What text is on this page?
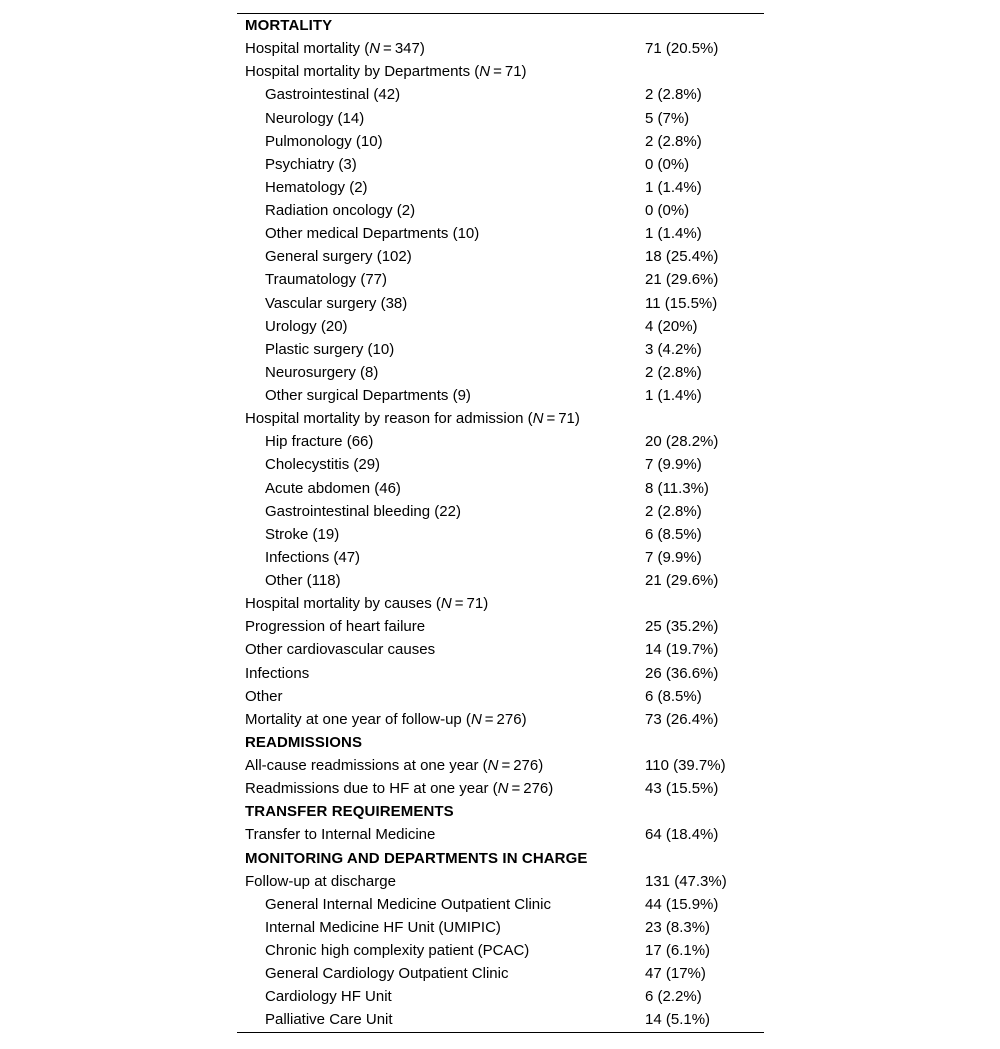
MORTALITY
Hospital mortality (N = 347)	71 (20.5%)
Hospital mortality by Departments (N = 71)
Gastrointestinal (42)	2 (2.8%)
Neurology (14)	5 (7%)
Pulmonology (10)	2 (2.8%)
Psychiatry (3)	0 (0%)
Hematology (2)	1 (1.4%)
Radiation oncology (2)	0 (0%)
Other medical Departments (10)	1 (1.4%)
General surgery (102)	18 (25.4%)
Traumatology (77)	21 (29.6%)
Vascular surgery (38)	11 (15.5%)
Urology (20)	4 (20%)
Plastic surgery (10)	3 (4.2%)
Neurosurgery (8)	2 (2.8%)
Other surgical Departments (9)	1 (1.4%)
Hospital mortality by reason for admission (N = 71)
Hip fracture (66)	20 (28.2%)
Cholecystitis (29)	7 (9.9%)
Acute abdomen (46)	8 (11.3%)
Gastrointestinal bleeding (22)	2 (2.8%)
Stroke (19)	6 (8.5%)
Infections (47)	7 (9.9%)
Other (118)	21 (29.6%)
Hospital mortality by causes (N = 71)
Progression of heart failure	25 (35.2%)
Other cardiovascular causes	14 (19.7%)
Infections	26 (36.6%)
Other	6 (8.5%)
Mortality at one year of follow-up (N = 276)	73 (26.4%)
READMISSIONS
All-cause readmissions at one year (N = 276)	110 (39.7%)
Readmissions due to HF at one year (N = 276)	43 (15.5%)
TRANSFER REQUIREMENTS
Transfer to Internal Medicine	64 (18.4%)
MONITORING AND DEPARTMENTS IN CHARGE
Follow-up at discharge	131 (47.3%)
General Internal Medicine Outpatient Clinic	44 (15.9%)
Internal Medicine HF Unit (UMIPIC)	23 (8.3%)
Chronic high complexity patient (PCAC)	17 (6.1%)
General Cardiology Outpatient Clinic	47 (17%)
Cardiology HF Unit	6 (2.2%)
Palliative Care Unit	14 (5.1%)
